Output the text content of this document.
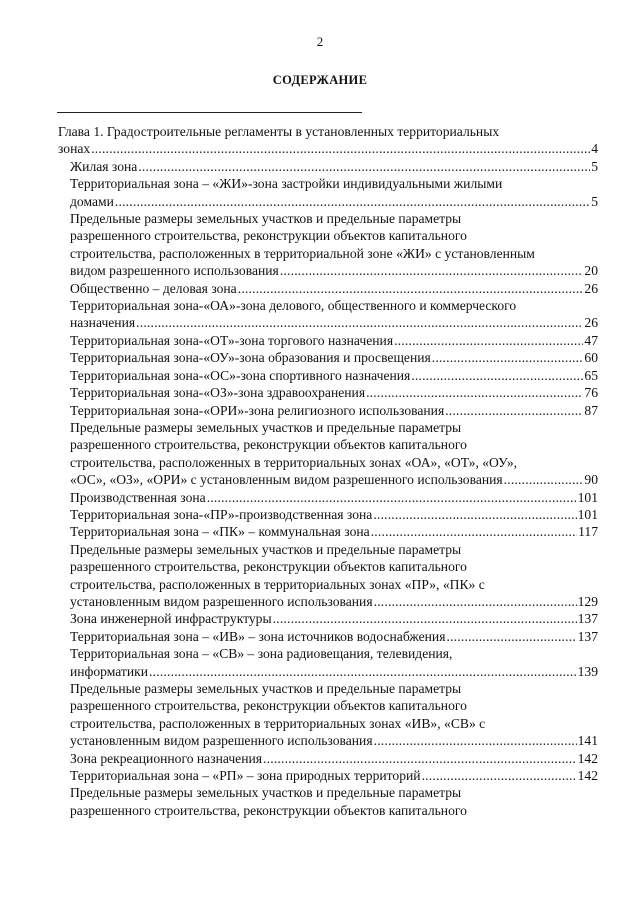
2
СОДЕРЖАНИЕ
Глава 1. Градостроительные регламенты в установленных территориальных
зонах . . .	4
Жилая зона . . .	5
Территориальная зона – «ЖИ»-зона застройки индивидуальными жилыми
домами . . .	5
Предельные размеры земельных участков и предельные параметры
разрешенного строительства, реконструкции объектов капитального
строительства, расположенных в территориальной зоне «ЖИ» с установленным
видом разрешенного использования . . .	20
Общественно – деловая зона . . .	26
Территориальная зона-«ОА»-зона делового, общественного и коммерческого
назначения . . .	26
Территориальная зона-«ОТ»-зона торгового назначения . . .	47
Территориальная зона-«ОУ»-зона образования и просвещения . . .	60
Территориальная зона-«ОС»-зона спортивного назначения . . .	65
Территориальная зона-«ОЗ»-зона здравоохранения . . .	76
Территориальная зона-«ОРИ»-зона религиозного использования . . .	87
Предельные размеры земельных участков и предельные параметры
разрешенного строительства, реконструкции объектов капитального
строительства, расположенных в территориальных зонах «ОА», «ОТ», «ОУ»,
«ОС», «ОЗ», «ОРИ» с установленным видом разрешенного использования . . .	90
Производственная зона . . .	101
Территориальная зона-«ПР»-производственная зона . . .	101
Территориальная зона – «ПК» – коммунальная зона . . .	117
Предельные размеры земельных участков и предельные параметры
разрешенного строительства, реконструкции объектов капитального
строительства, расположенных в территориальных зонах «ПР», «ПК» с
установленным видом разрешенного использования . . .	129
Зона инженерной инфраструктуры . . .	137
Территориальная зона – «ИВ» – зона источников водоснабжения . . .	137
Территориальная зона – «СВ» – зона радиовещания, телевидения,
информатики . . .	139
Предельные размеры земельных участков и предельные параметры
разрешенного строительства, реконструкции объектов капитального
строительства, расположенных в территориальных зонах «ИВ», «СВ» с
установленным видом разрешенного использования . . .	141
Зона рекреационного назначения . . .	142
Территориальная зона – «РП» – зона природных территорий . . .	142
Предельные размеры земельных участков и предельные параметры
разрешенного строительства, реконструкции объектов капитального
